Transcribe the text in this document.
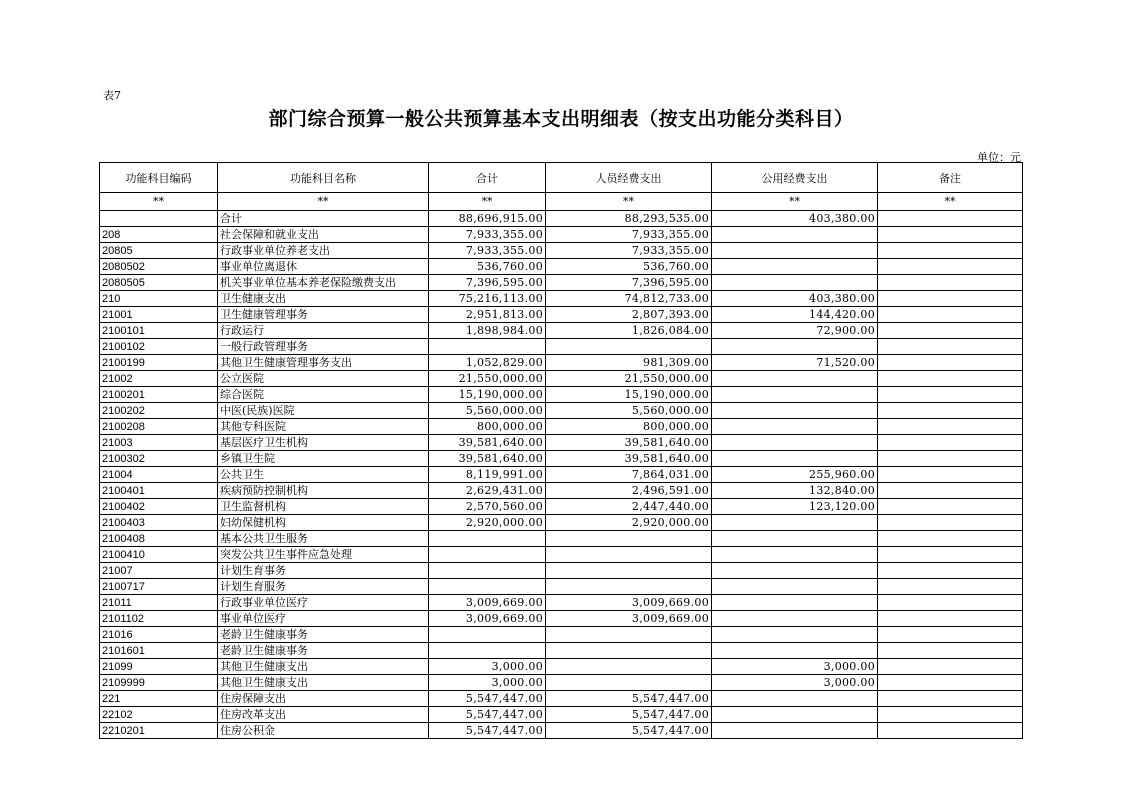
表7
部门综合预算一般公共预算基本支出明细表（按支出功能分类科目）
单位：元
功能科目编码	功能科目名称	合计	人员经费支出	公用经费支出	备注
**	**	**	**	**	**
	合计	88,696,915.00	88,293,535.00	403,380.00	
208	社会保障和就业支出	7,933,355.00	7,933,355.00		
20805	行政事业单位养老支出	7,933,355.00	7,933,355.00		
2080502	事业单位离退休	536,760.00	536,760.00		
2080505	机关事业单位基本养老保险缴费支出	7,396,595.00	7,396,595.00		
210	卫生健康支出	75,216,113.00	74,812,733.00	403,380.00	
21001	卫生健康管理事务	2,951,813.00	2,807,393.00	144,420.00	
2100101	行政运行	1,898,984.00	1,826,084.00	72,900.00	
2100102	一般行政管理事务				
2100199	其他卫生健康管理事务支出	1,052,829.00	981,309.00	71,520.00	
21002	公立医院	21,550,000.00	21,550,000.00		
2100201	综合医院	15,190,000.00	15,190,000.00		
2100202	中医(民族)医院	5,560,000.00	5,560,000.00		
2100208	其他专科医院	800,000.00	800,000.00		
21003	基层医疗卫生机构	39,581,640.00	39,581,640.00		
2100302	乡镇卫生院	39,581,640.00	39,581,640.00		
21004	公共卫生	8,119,991.00	7,864,031.00	255,960.00	
2100401	疾病预防控制机构	2,629,431.00	2,496,591.00	132,840.00	
2100402	卫生监督机构	2,570,560.00	2,447,440.00	123,120.00	
2100403	妇幼保健机构	2,920,000.00	2,920,000.00		
2100408	基本公共卫生服务				
2100410	突发公共卫生事件应急处理				
21007	计划生育事务				
2100717	计划生育服务				
21011	行政事业单位医疗	3,009,669.00	3,009,669.00		
2101102	事业单位医疗	3,009,669.00	3,009,669.00		
21016	老龄卫生健康事务				
2101601	老龄卫生健康事务				
21099	其他卫生健康支出	3,000.00		3,000.00	
2109999	其他卫生健康支出	3,000.00		3,000.00	
221	住房保障支出	5,547,447.00	5,547,447.00		
22102	住房改革支出	5,547,447.00	5,547,447.00		
2210201	住房公积金	5,547,447.00	5,547,447.00		
